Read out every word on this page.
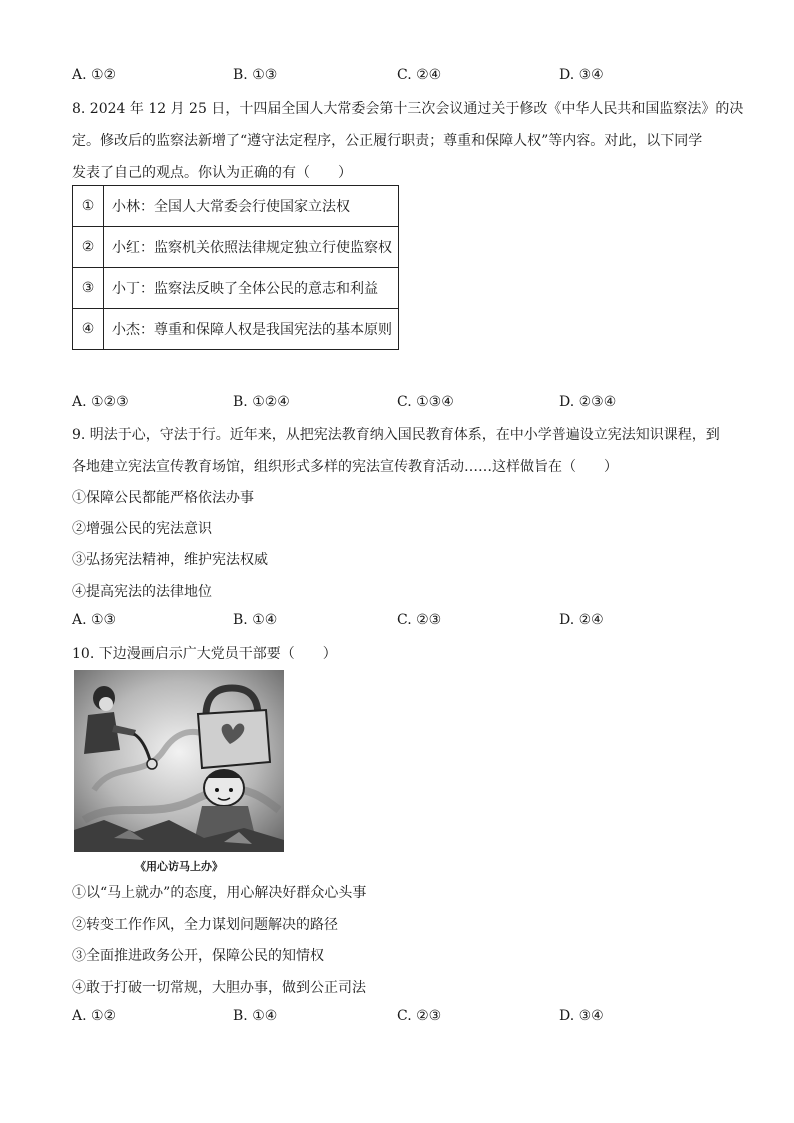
A. ①②	B. ①③	C. ②④	D. ③④
8. 2024 年 12 月 25 日，十四届全国人大常委会第十三次会议通过关于修改《中华人民共和国监察法》的决
定。修改后的监察法新增了“遵守法定程序，公正履行职责；尊重和保障人权”等内容。对此，以下同学
发表了自己的观点。你认为正确的有（　　）
①	小林：全国人大常委会行使国家立法权
②	小红：监察机关依照法律规定独立行使监察权
③	小丁：监察法反映了全体公民的意志和利益
④	小杰：尊重和保障人权是我国宪法的基本原则
A. ①②③	B. ①②④	C. ①③④	D. ②③④
9. 明法于心，守法于行。近年来，从把宪法教育纳入国民教育体系，在中小学普遍设立宪法知识课程，到
各地建立宪法宣传教育场馆，组织形式多样的宪法宣传教育活动……这样做旨在（　　）
①保障公民都能严格依法办事
②增强公民的宪法意识
③弘扬宪法精神，维护宪法权威
④提高宪法的法律地位
A. ①③	B. ①④	C. ②③	D. ②④
10. 下边漫画启示广大党员干部要（　　）
《用心访马上办》
①以“马上就办”的态度，用心解决好群众心头事
②转变工作作风，全力谋划问题解决的路径
③全面推进政务公开，保障公民的知情权
④敢于打破一切常规，大胆办事，做到公正司法
A. ①②	B. ①④	C. ②③	D. ③④
